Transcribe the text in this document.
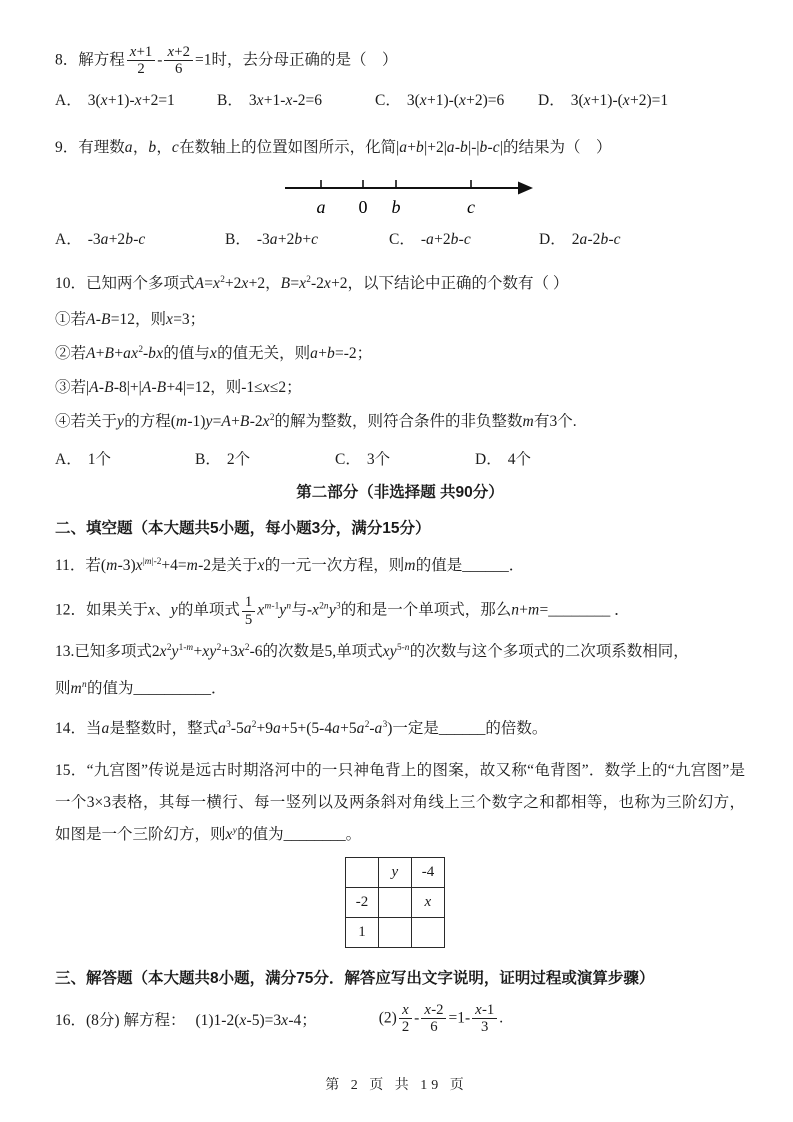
8．解方程 $\frac{x+1}{2} - \frac{x+2}{6} =1$时，去分母正确的是（　）
A． 3(x+1)-x+2=1	B． 3x+1-x-2=6	C． 3(x+1)-(x+2)=6	D． 3(x+1)-(x+2)=1
9．有理数a，b，c在数轴上的位置如图所示，化简|a+b|+2|a-b|-|b-c|的结果为（　）
a 0 b	c
A． -3a+2b-c	B． -3a+2b+c	C． -a+2b-c	D． 2a-2b-c
10．已知两个多项式$A=x^2+2x+2$，$B=x^2-2x+2$，以下结论中正确的个数有（ ）
①若A-B=12，则x=3；
②若$A+B+ax^2-bx$的值与x的值无关，则a+b=-2；
③若|A-B-8|+|A-B+4|=12，则-1≤x≤2；
④若关于y的方程$(m-1)y=A+B-2x^2$的解为整数，则符合条件的非负整数m有3个.
A． 1个	B． 2个	C． 3个	D． 4个
第二部分（非选择题 共90分）
二、填空题（本大题共5小题，每小题3分，满分15分）
11．若$(m-3)x^{|m|-2}+4=m-2$是关于x的一元一次方程，则m的值是______．
12．如果关于x、y的单项式 $\frac{1}{5} x^{m-1}y^n$与$-x^{2n}y^3$的和是一个单项式，那么n+m=________ ．
13.已知多项式$2x^2y^{1-m}+xy^2+3x^2-6$的次数是5,单项式$xy^{5-n}$的次数与这个多项式的二次项系数相同，
则$m^n$的值为__________．
14．当a是整数时，整式$a^3-5a^2+9a+5+(5-4a+5a^2-a^3)$一定是______的倍数。
15．“九宫图”传说是远古时期洛河中的一只神龟背上的图案，故又称“龟背图”．数学上的“九宫图”是一个3×3表格，其每一横行、每一竖列以及两条斜对角线上三个数字之和都相等，也称为三阶幻方，如图是一个三阶幻方，则$x^y$的值为________。
	y	-4
-2		x
1		
三、解答题（本大题共8小题，满分75分．解答应写出文字说明，证明过程或演算步骤）
16．(8分) 解方程： (1)1-2(x-5)=3x-4；	$(2) \frac{x}{2} - \frac{x-2}{6} =1- \frac{x-1}{3}$ .
第 2 页 共 19 页
